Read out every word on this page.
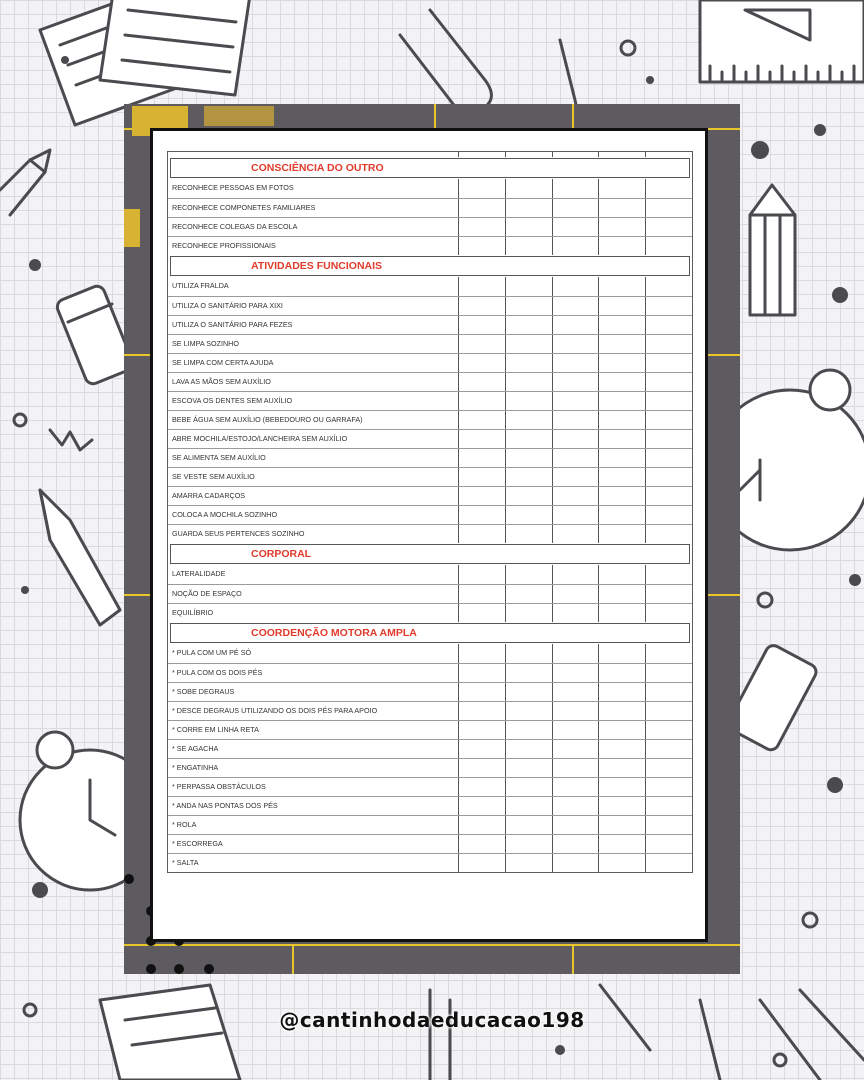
CONSCIÊNCIA DO OUTRO
RECONHECE PESSOAS EM FOTOS
RECONHECE COMPONETES FAMILIARES
RECONHECE COLEGAS DA ESCOLA
RECONHECE PROFISSIONAIS
ATIVIDADES FUNCIONAIS
UTILIZA FRALDA
UTILIZA O SANITÁRIO PARA XIXI
UTILIZA O SANITÁRIO PARA FEZES
SE LIMPA SOZINHO
SE LIMPA COM CERTA AJUDA
LAVA AS MÃOS SEM AUXÍLIO
ESCOVA OS DENTES SEM AUXÍLIO
BEBE ÁGUA SEM AUXÍLIO (BEBEDOURO OU GARRAFA)
ABRE MOCHILA/ESTOJO/LANCHEIRA SEM AUXÍLIO
SE ALIMENTA SEM AUXÍLIO
SE VESTE SEM AUXÍLIO
AMARRA CADARÇOS
COLOCA A MOCHILA SOZINHO
GUARDA SEUS PERTENCES SOZINHO
CORPORAL
LATERALIDADE
NOÇÃO DE ESPAÇO
EQUILÍBRIO
COORDENÇÃO MOTORA AMPLA
* PULA COM UM PÉ SÓ
* PULA COM OS DOIS PÉS
* SOBE DEGRAUS
* DESCE DEGRAUS UTILIZANDO OS DOIS PÉS PARA APOIO
* CORRE EM LINHA RETA
* SE AGACHA
* ENGATINHA
* PERPASSA OBSTÁCULOS
* ANDA NAS PONTAS DOS PÉS
* ROLA
* ESCORREGA
* SALTA
@cantinhodaeducacao198
